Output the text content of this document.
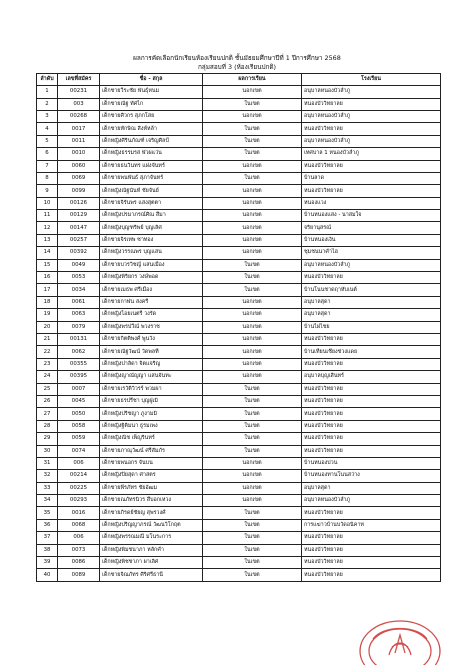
ผลการคัดเลือกนักเรียนห้องเรียนปกติ ชั้นมัธยมศึกษาปีที่ 1 ปีการศึกษา 2568
กลุ่มสอบที่ 3 (ห้องเรียนปกติ)
ลำดับ	เลขที่สมัคร	ชื่อ - สกุล	ผลการเรียน	โรงเรียน
1	00231	เด็กชายวีระชัย พันธุ์หนม	นอกเขต	อนุบาลหนองบัวลำภู
2	003	เด็กชายณัฐ ทัศไก	ในเขต	หนองบัววิทยาลย
3	00268	เด็กชายศิวกร สุภกโสย	นอกเขต	อนุบาลหนองบัวลำภู
4	0017	เด็กชายทักษิณ สิงห์หล้า	ในเขต	หนองบัววิทยาลย
5	0011	เด็กหญิงศิรินภัณฑ์ เจริญศิลป์	ในเขต	อนุบาลหนองบัวลำภู
6	0010	เด็กหญิงธรรมรส พัวผแว่น	ในเขต	เทศบาล 1 หนองบัวลำภู
7	0060	เด็กชายธนวินทร แฝงจันทร์	นอกเขต	หนองบัววิทยาลย
8	0069	เด็กชายพนพันธ์ สุภาจันทร์	ในเขต	บ้านลาด
9	0099	เด็กหญิงณัฐนันท์ ชัยจันย์	นอกเขต	หนองบัววิทยาลย
10	00126	เด็กชายจิรันพร แสงสุตตา	นอกเขต	หนองแวง
11	00129	เด็กหญิงปรมาภรณ์ศิณ สีมา	นอกเขต	บ้านหนองแสง - นาสมใจ
12	00147	เด็กหญิงบุญฑริพย์ บุญเลิศ	นอกเขต	จริยานุสรณ์
13	00257	เด็กชายจิรเทพ ซาทอง	นอกเขต	บ้านหนองเงิน
14	00392	เด็กหญิงวรรณพร บุญแสน	นอกเขต	ชุมชนนาคำไฮ
15	0049	เด็กชายบวรวิชญ์ แสนเมือง	ในเขต	อนุบาลหนองบัวลำภู
16	0053	เด็กหญิงพิริยกร วงษ์พอด	ในเขต	หนองบัววิทยาลย
17	0034	เด็กชายเมธพ ศรีเมือง	ในเขต	บ้านโนนชาดฤาหับเนต์
18	0061	เด็กชายกาฬน สงครี	นอกเขต	อนุบาลสุดา
19	0063	เด็กหญิงไอยเนตรี วงรัด	นอกเขต	อนุบาลสุดา
20	0079	เด็กหญิงพรปวีณ์ พวงราช	นอกเขต	บ้านไผ่ไชย
21	00131	เด็กชายกิตติพงศ์ พูนวัง	นอกเขต	หนองบัววิทยาลย
22	0062	เด็กชายณัฐวัฒน์ วัดพลที	นอกเขต	บ้านเทียนเชียงช่วงแดย
23	00355	เด็กหญิงปาลิดา จิตแจริญ	นอกเขต	หนองบัววิทยาลย
24	00395	เด็กหญิงญาณัญญา แสนจันทะ	นอกเขต	อนุบาลบุญเสินทร์
25	0007	เด็กชายเรวัติวิวรร์ พวมผา	ในเขต	หนองบัววิทยาลย
26	0045	เด็กชายธรปรีชา บุญฝูเมิ	ในเขต	หนองบัววิทยาลย
27	0050	เด็กหญิงปริชญา ภูงามมิ	ในเขต	หนองบัววิทยาลย
28	0058	เด็กหญิงฐิติมนา ธูรมเพง	ในเขต	หนองบัววิทยาลย
29	0059	เด็กหญิงณิช เพ็ญรินทร์	ในเขต	หนองบัววิทยาลย
30	0074	เด็กชายภาณุวัฒน์ ศรีสัมภัร	ในเขต	หนองบัววิทยาลย
31	006	เด็กชายพนอกร จันบน	นอกเขต	บ้านหนองบ่วน
32	00214	เด็กหญิงปิยสุดา ศาสตร	นอกเขต	บ้านหนองทานโนนสว่าง
33	00225	เด็กชายพีรภัทร ชัยอัฒม	นอกเขต	อนุบาลสุดา
34	00293	เด็กชายณภัทรนิวร สีบอกเหวง	นอกเขต	อนุบาลหนองบัวลำภู
35	0016	เด็กชายภิรดย์ชัยญ สุพรวงศ์	ในเขต	หนองบัววิทยาลย
36	0068	เด็กหญิงปริญญาภรณ์ วัฒนวิโกฤต	ในเขต	การแฆ่าวบ้านบวัดอนิคาท
37	006	เด็กหญิงพรรณมณี มโนระการ	ในเขต	หนองบัววิทยาลย
38	0073	เด็กหญิงพิมชนาภา หลักคำ	ในเขต	หนองบัววิทยาลย
39	0086	เด็กหญิงพิชชาภา ผาเลิศ	ในเขต	หนองบัววิทยาลย
40	0089	เด็กชายจิณภัทร ศิริศรีธานี	ในเขต	หนองบัววิทยาลย
